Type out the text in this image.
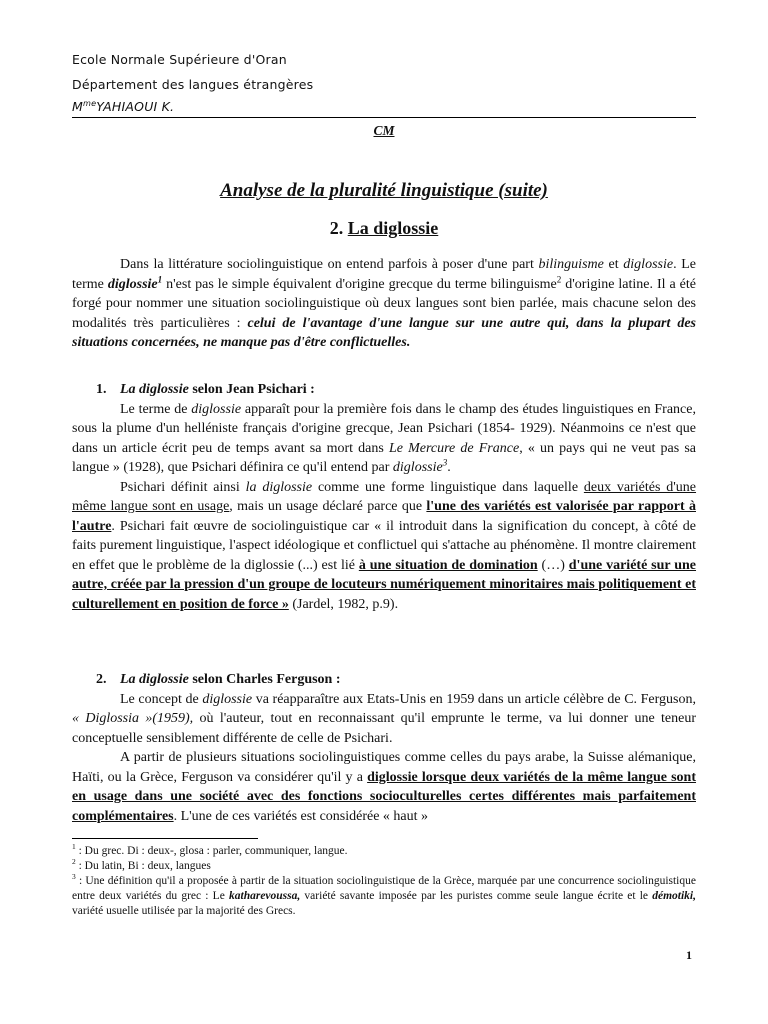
Ecole Normale Supérieure d'Oran
Département des langues étrangères
$M^{me}YAHIAOUI$ K.
CM
Analyse de la pluralité linguistique (suite)
2. La diglossie

Dans la littérature sociolinguistique on entend parfois à poser d'une part bilinguisme et diglossie. Le terme diglossie$^1$ n'est pas le simple équivalent d'origine grecque du terme bilinguisme$^2$ d'origine latine. Il a été forgé pour nommer une situation sociolinguistique où deux langues sont bien parlée, mais chacune selon des modalités très particulières : celui de l'avantage d'une langue sur une autre qui, dans la plupart des situations concernées, ne manque pas d'être conflictuelles.

1. La diglossie selon Jean Psichari :

Le terme de diglossie apparaît pour la première fois dans le champ des études linguistiques en France, sous la plume d'un helléniste français d'origine grecque, Jean Psichari (1854- 1929). Néanmoins ce n'est que dans un article écrit peu de temps avant sa mort dans Le Mercure de France, « un pays qui ne veut pas sa langue » (1928), que Psichari définira ce qu'il entend par diglossie$^3$.

Psichari définit ainsi la diglossie comme une forme linguistique dans laquelle deux variétés d'une même langue sont en usage, mais un usage déclaré parce que l'une des variétés est valorisée par rapport à l'autre. Psichari fait œuvre de sociolinguistique car « il introduit dans la signification du concept, à côté de faits purement linguistique, l'aspect idéologique et conflictuel qui s'attache au phénomène. Il montre clairement en effet que le problème de la diglossie (...) est lié à une situation de domination (…) d'une variété sur une autre, créée par la pression d'un groupe de locuteurs numériquement minoritaires mais politiquement et culturellement en position de force » (Jardel, 1982, p.9).

2. La diglossie selon Charles Ferguson :

Le concept de diglossie va réapparaître aux Etats-Unis en 1959 dans un article célèbre de C. Ferguson, « Diglossia »(1959), où l'auteur, tout en reconnaissant qu'il emprunte le terme, va lui donner une teneur conceptuelle sensiblement différente de celle de Psichari.

A partir de plusieurs situations sociolinguistiques comme celles du pays arabe, la Suisse alémanique, Haïti, ou la Grèce, Ferguson va considérer qu'il y a diglossie lorsque deux variétés de la même langue sont en usage dans une société avec des fonctions socioculturelles certes différentes mais parfaitement complémentaires. L'une de ces variétés est considérée « haut »

$^1$ : Du grec. Di : deux-, glosa : parler, communiquer, langue.

$^2$ : Du latin, Bi : deux, langues

$^3$ : Une définition qu'il a proposée à partir de la situation sociolinguistique de la Grèce, marquée par une concurrence sociolinguistique entre deux variétés du grec : Le katharevoussa, variété savante imposée par les puristes comme seule langue écrite et le démotiki, variété usuelle utilisée par la majorité des Grecs.

1
